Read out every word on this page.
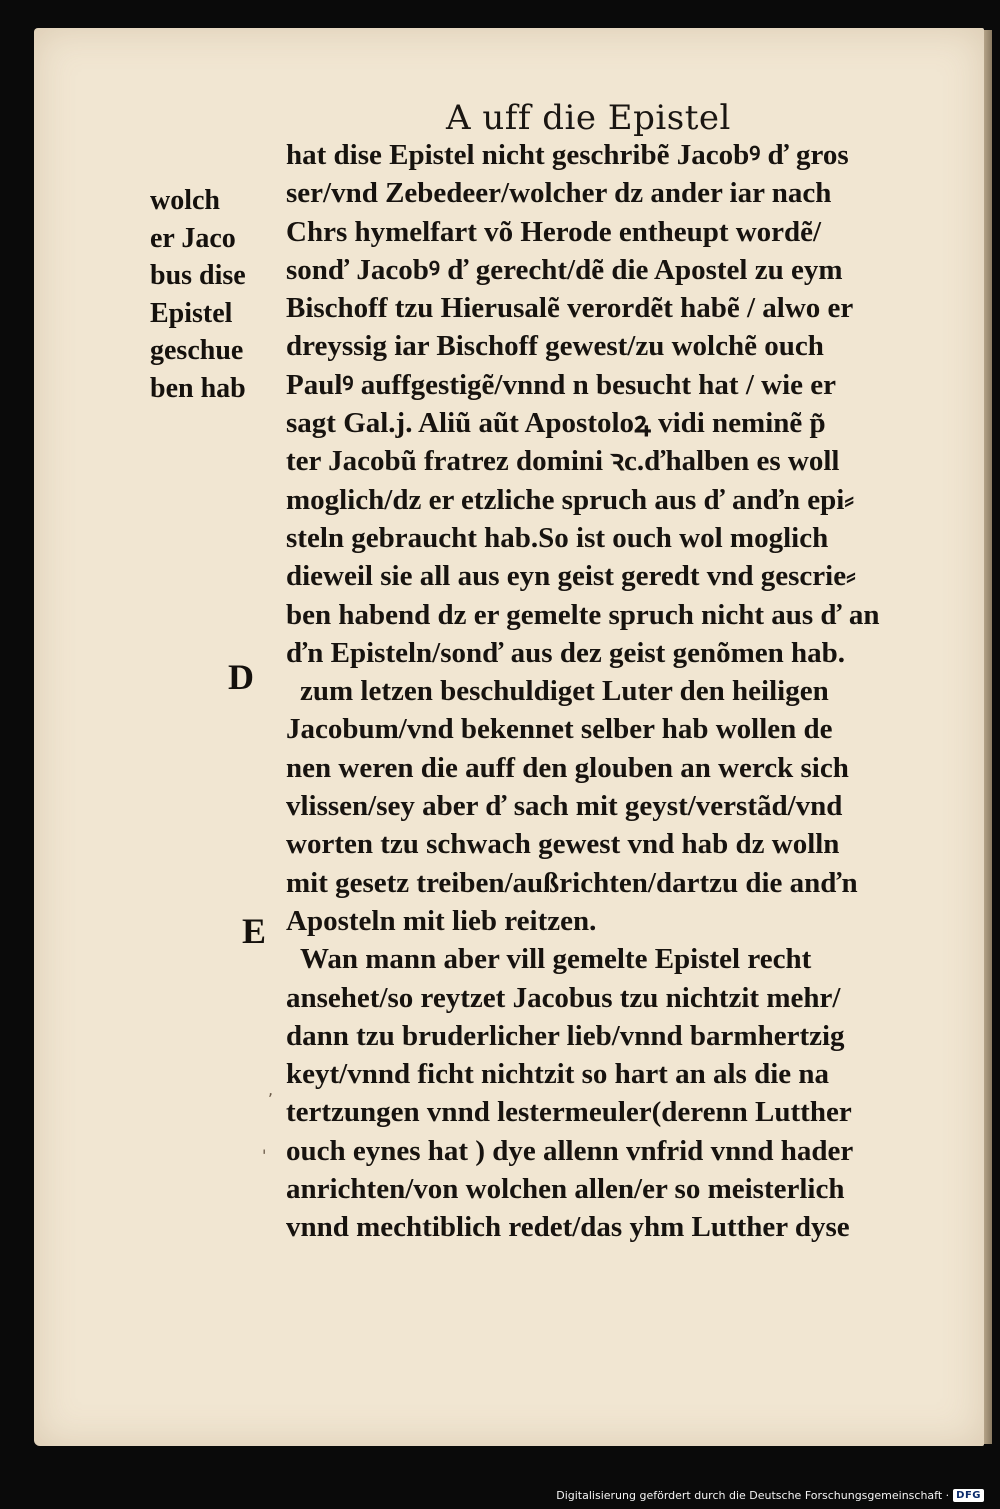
A uff die Epistel
wolch
er Jaco
bus dise
Epistel
geschue
ben hab
D
E
hat dise Epistel nicht geschribẽ Jacobꝰ ď gros
ser/vnd Zebedeer/wolcher dz ander iar nach
Chrs hymelfart võ Herode entheupt wordẽ/
sonď Jacobꝰ ď gerecht/dẽ die Apostel zu eym
Bischoff tzu Hierusalẽ verordẽt habẽ / alwo er
dreyssig iar Bischoff gewest/zu wolchẽ ouch
Paulꝰ auffgestigẽ/vnnd n besucht hat / wie er
sagt Gal.j. Aliũ aũt Apostoloꝝ vidi neminẽ p̃
ter Jacobũ fratrez domini ꝛc.ďhalben es woll
moglich/dz er etzliche spruch aus ď anďn epi⸗
steln gebraucht hab.So ist ouch wol moglich
dieweil sie all aus eyn geist geredt vnd gescrie⸗
ben habend dz er gemelte spruch nicht aus ď an
ďn Episteln/sonď aus dez geist genõmen hab.
zum letzen beschuldiget Luter den heiligen
Jacobum/vnd bekennet selber hab wollen de
nen weren die auff den glouben an werck sich
vlissen/sey aber ď sach mit geyst/verstãd/vnd
worten tzu schwach gewest vnd hab dz wolln
mit gesetz treiben/außrichten/dartzu die anďn
Aposteln mit lieb reitzen.
Wan mann aber vill gemelte Epistel recht
ansehet/so reytzet Jacobus tzu nichtzit mehr/
dann tzu bruderlicher lieb/vnnd barmhertzig
keyt/vnnd ficht nichtzit so hart an als die na
tertzungen vnnd lestermeuler(derenn Lutther
ouch eynes hat ) dye allenn vnfrid vnnd hader
anrichten/von wolchen allen/er so meisterlich
vnnd mechtiblich redet/das yhm Lutther dyse
,
'
Digitalisierung gefördert durch die Deutsche Forschungsgemeinschaft · DFG
